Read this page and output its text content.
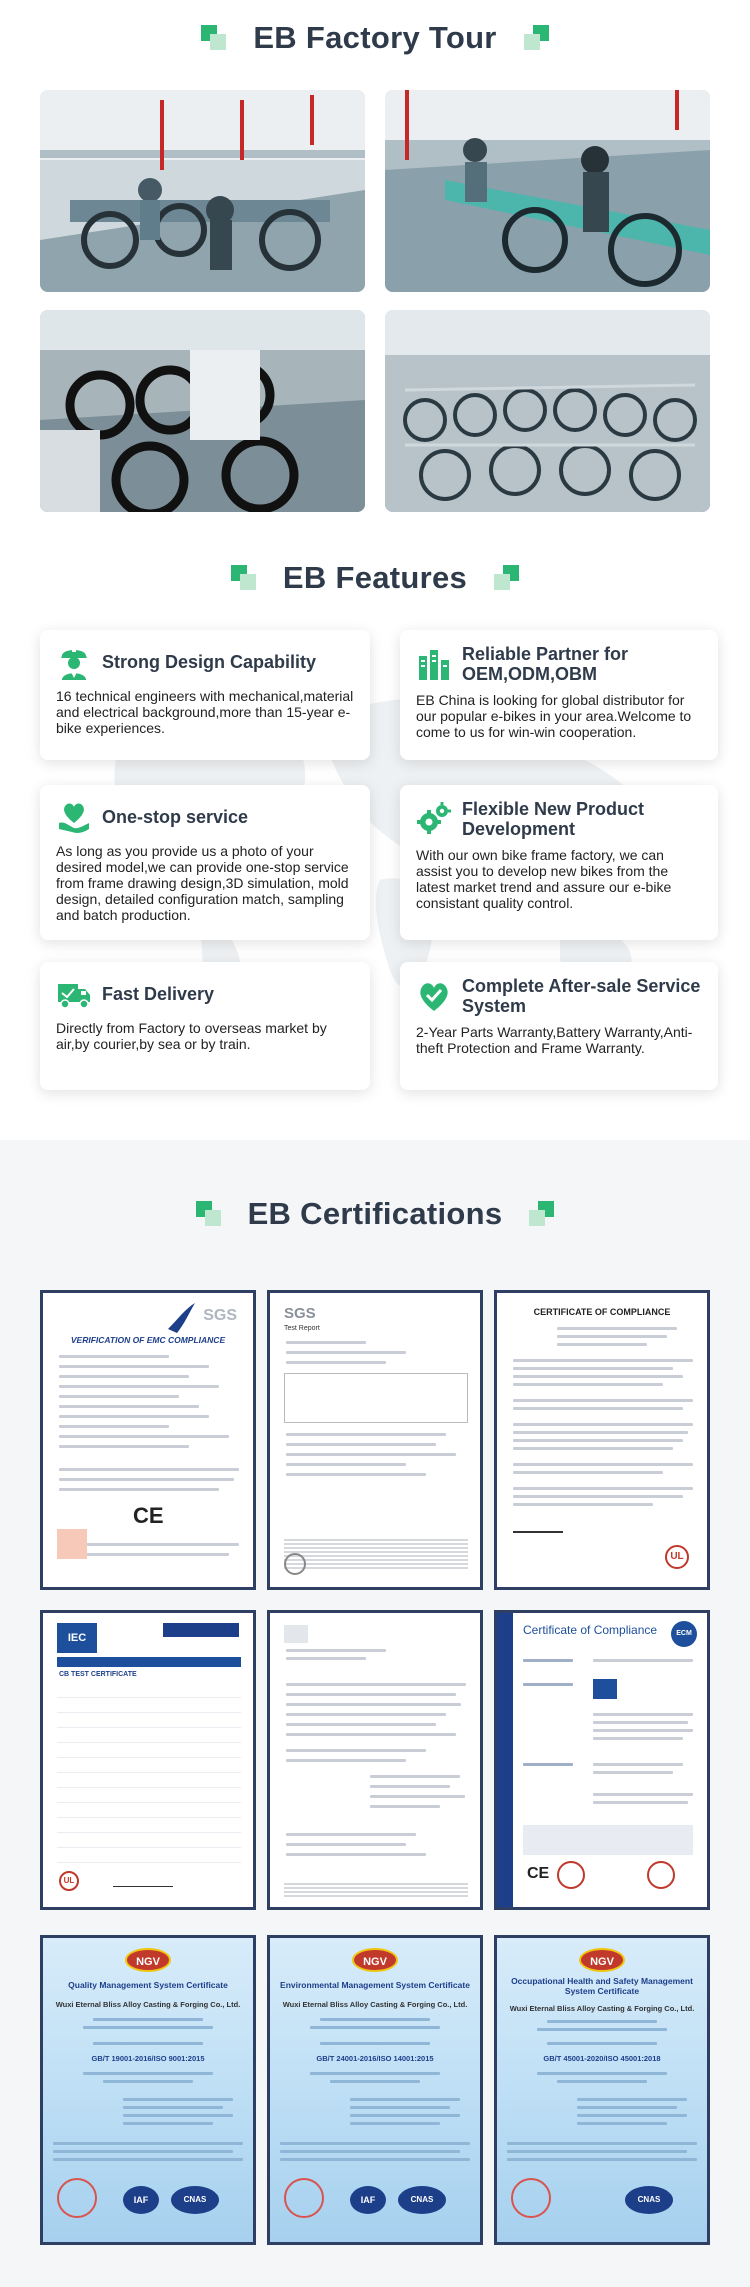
EB Factory Tour
EB Features
Strong Design Capability
16 technical engineers with mechanical,material and electrical background,more than 15-year e-bike experiences.
Reliable Partner for OEM,ODM,OBM
EB China is looking for global distributor for our popular e-bikes in your area.Welcome to come to us for win-win cooperation.
One-stop service
As long as you provide us a photo of your desired model,we can provide one-stop service from frame drawing design,3D simulation, mold design, detailed configuration match, sampling and batch production.
Flexible New Product Development
With our own bike frame factory, we can assist you to develop new bikes from the latest market trend and assure our e-bike consistant quality control.
Fast Delivery
Directly from Factory to overseas market by air,by courier,by sea or by train.
Complete After-sale Service System
2-Year Parts Warranty,Battery Warranty,Anti-theft Protection and Frame Warranty.
EB Certifications
SGS
VERIFICATION OF EMC COMPLIANCE
CE
SGS
Test Report
CERTIFICATE OF COMPLIANCE
UL
IEC
CB TEST CERTIFICATE
UL
Certificate of Compliance	ECM
CE
NGV
Quality Management System Certificate
Wuxi Eternal Bliss Alloy Casting & Forging Co., Ltd.
GB/T 19001-2016/ISO 9001:2015
IAF	CNAS
NGV
Environmental Management System Certificate
Wuxi Eternal Bliss Alloy Casting & Forging Co., Ltd.
GB/T 24001-2016/ISO 14001:2015
IAF	CNAS
NGV
Occupational Health and Safety Management System Certificate
Wuxi Eternal Bliss Alloy Casting & Forging Co., Ltd.
GB/T 45001-2020/ISO 45001:2018
CNAS
